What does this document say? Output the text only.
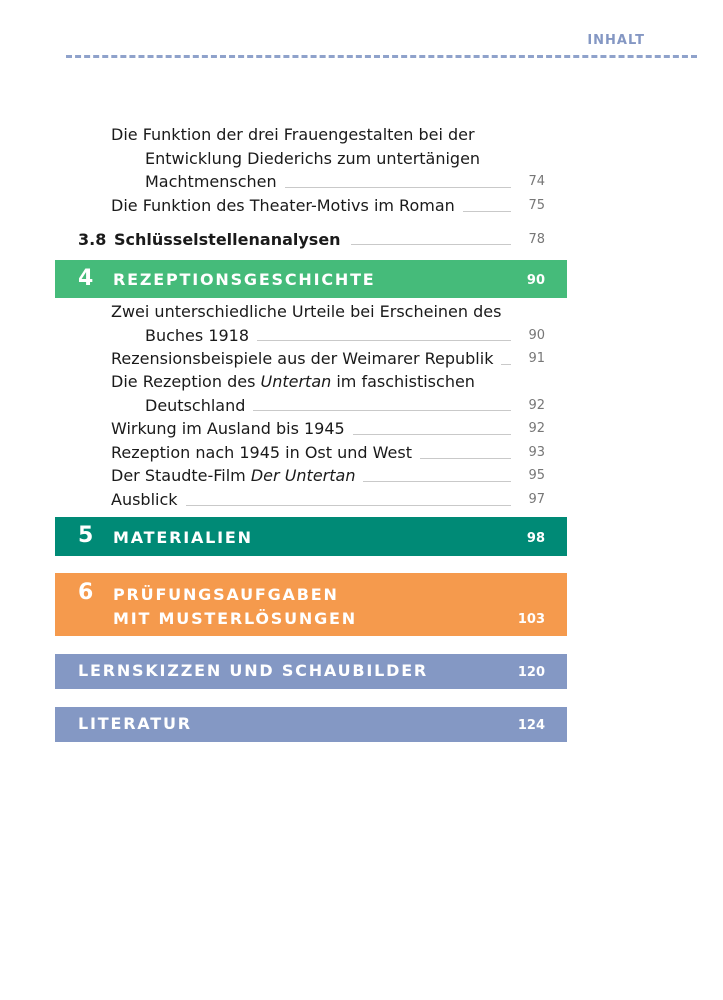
INHALT
Die Funktion der drei Frauengestalten bei der
Entwicklung Diederichs zum untertänigen
Machtmenschen	74
Die Funktion des Theater-Motivs im Roman	75
3.8 Schlüsselstellenanalysen	78
4 REZEPTIONSGESCHICHTE	90
Zwei unterschiedliche Urteile bei Erscheinen des
Buches 1918	90
Rezensionsbeispiele aus der Weimarer Republik	91
Die Rezeption des Untertan im faschistischen
Deutschland	92
Wirkung im Ausland bis 1945	92
Rezeption nach 1945 in Ost und West	93
Der Staudte-Film Der Untertan	95
Ausblick	97
5 MATERIALIEN	98
6 PRÜFUNGSAUFGABEN
MIT MUSTERLÖSUNGEN	103
LERNSKIZZEN UND SCHAUBILDER	120
LITERATUR	124
